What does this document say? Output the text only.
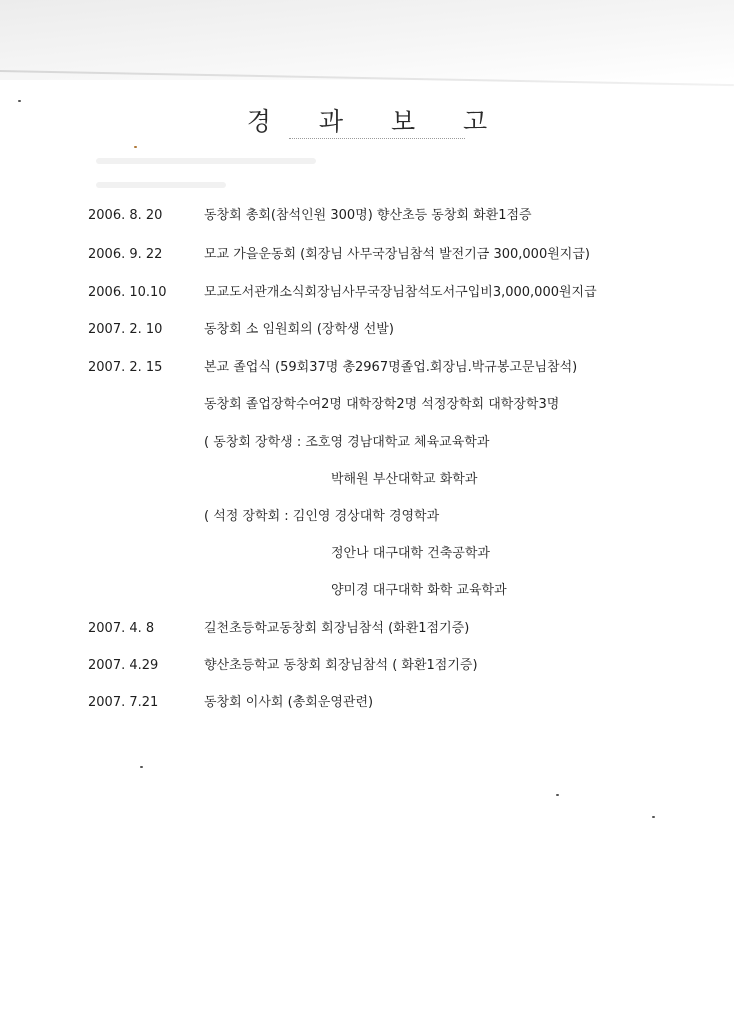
경 과 보 고
2006. 8. 20	동창회 총회(참석인원 300명) 향산초등 동창회 화환1점증
2006. 9. 22	모교 가을운동회 (회장님 사무국장님참석 발전기금 300,000원지급)
2006. 10.10	모교도서관개소식회장님사무국장님참석도서구입비3,000,000원지급
2007. 2. 10	동창회 소 임원회의 (장학생 선발)
2007. 2. 15	본교 졸업식 (59회37명 총2967명졸업.회장님.박규봉고문님참석)
동창회 졸업장학수여2명 대학장학2명 석정장학회 대학장학3명
( 동창회 장학생 : 조호영 경남대학교 체육교육학과
박해원 부산대학교 화학과
( 석정 장학회 : 김인영 경상대학 경영학과
정안나 대구대학 건축공학과
양미경 대구대학 화학 교육학과
2007. 4. 8	길천초등학교동창회 회장님참석 (화환1점기증)
2007. 4.29	향산초등학교 동창회 회장님참석 ( 화환1점기증)
2007. 7.21	동창회 이사회 (총회운영관련)
